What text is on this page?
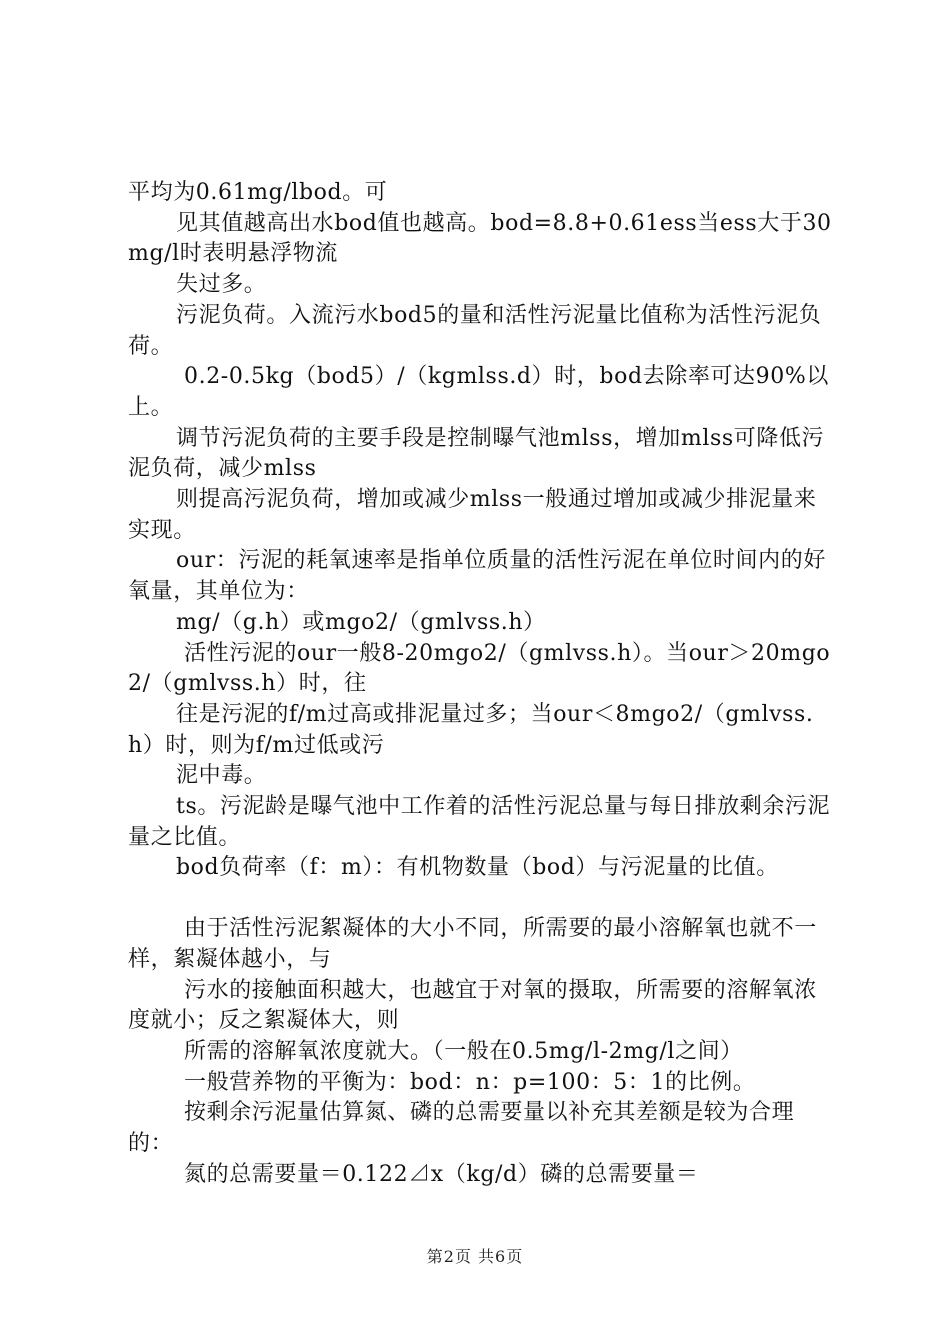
平均为0.61mg/lbod。可

见其值越高出水bod值也越高。bod=8.8+0.61ess当ess大于30mg/l时表明悬浮物流

失过多。

污泥负荷。入流污水bod5的量和活性污泥量比值称为活性污泥负荷。

0.2-0.5kg（bod5）/（kgmlss.d）时，bod去除率可达90%以上。

调节污泥负荷的主要手段是控制曝气池mlss，增加mlss可降低污泥负荷，减少mlss

则提高污泥负荷，增加或减少mlss一般通过增加或减少排泥量来实现。

our：污泥的耗氧速率是指单位质量的活性污泥在单位时间内的好氧量，其单位为：

mg/（g.h）或mgo2/（gmlvss.h）

活性污泥的our一般8-20mgo2/（gmlvss.h）。当our＞20mgo2/（gmlvss.h）时，往

往是污泥的f/m过高或排泥量过多；当our＜8mgo2/（gmlvss.h）时，则为f/m过低或污

泥中毒。

ts。污泥龄是曝气池中工作着的活性污泥总量与每日排放剩余污泥量之比值。

bod负荷率（f：m）：有机物数量（bod）与污泥量的比值。

由于活性污泥絮凝体的大小不同，所需要的最小溶解氧也就不一样，絮凝体越小，与

污水的接触面积越大，也越宜于对氧的摄取，所需要的溶解氧浓度就小；反之絮凝体大，则

所需的溶解氧浓度就大。（一般在0.5mg/l-2mg/l之间）

一般营养物的平衡为：bod：n：p=100：5：1的比例。

按剩余污泥量估算氮、磷的总需要量以补充其差额是较为合理的：

氮的总需要量＝0.122⊿x（kg/d）磷的总需要量＝

第2页 共6页
